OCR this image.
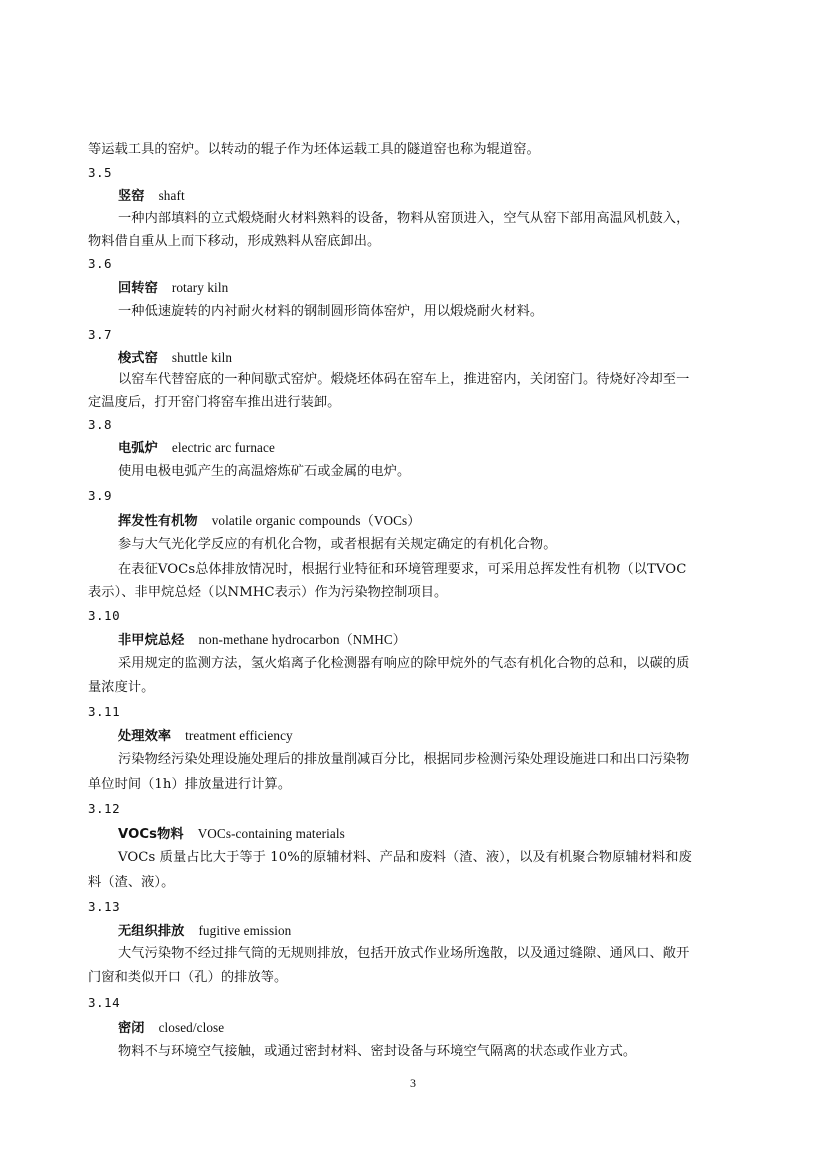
等运载工具的窑炉。以转动的辊子作为坯体运载工具的隧道窑也称为辊道窑。
3.5
竖窑 shaft
一种内部填料的立式煅烧耐火材料熟料的设备，物料从窑顶进入，空气从窑下部用高温风机鼓入，
物料借自重从上而下移动，形成熟料从窑底卸出。
3.6
回转窑 rotary kiln
一种低速旋转的内衬耐火材料的钢制圆形筒体窑炉，用以煅烧耐火材料。
3.7
梭式窑 shuttle kiln
以窑车代替窑底的一种间歇式窑炉。煅烧坯体码在窑车上，推进窑内，关闭窑门。待烧好冷却至一
定温度后，打开窑门将窑车推出进行装卸。
3.8
电弧炉 electric arc furnace
使用电极电弧产生的高温熔炼矿石或金属的电炉。
3.9
挥发性有机物 volatile organic compounds（VOCs）
参与大气光化学反应的有机化合物，或者根据有关规定确定的有机化合物。
在表征VOCs总体排放情况时，根据行业特征和环境管理要求，可采用总挥发性有机物（以TVOC
表示）、非甲烷总烃（以NMHC表示）作为污染物控制项目。
3.10
非甲烷总烃 non-methane hydrocarbon（NMHC）
采用规定的监测方法，氢火焰离子化检测器有响应的除甲烷外的气态有机化合物的总和，以碳的质
量浓度计。
3.11
处理效率 treatment efficiency
污染物经污染处理设施处理后的排放量削减百分比，根据同步检测污染处理设施进口和出口污染物
单位时间（1h）排放量进行计算。
3.12
VOCs物料 VOCs-containing materials
VOCs 质量占比大于等于 10%的原辅材料、产品和废料（渣、液），以及有机聚合物原辅材料和废
料（渣、液）。
3.13
无组织排放 fugitive emission
大气污染物不经过排气筒的无规则排放，包括开放式作业场所逸散，以及通过缝隙、通风口、敞开
门窗和类似开口（孔）的排放等。
3.14
密闭 closed/close
物料不与环境空气接触，或通过密封材料、密封设备与环境空气隔离的状态或作业方式。
3
